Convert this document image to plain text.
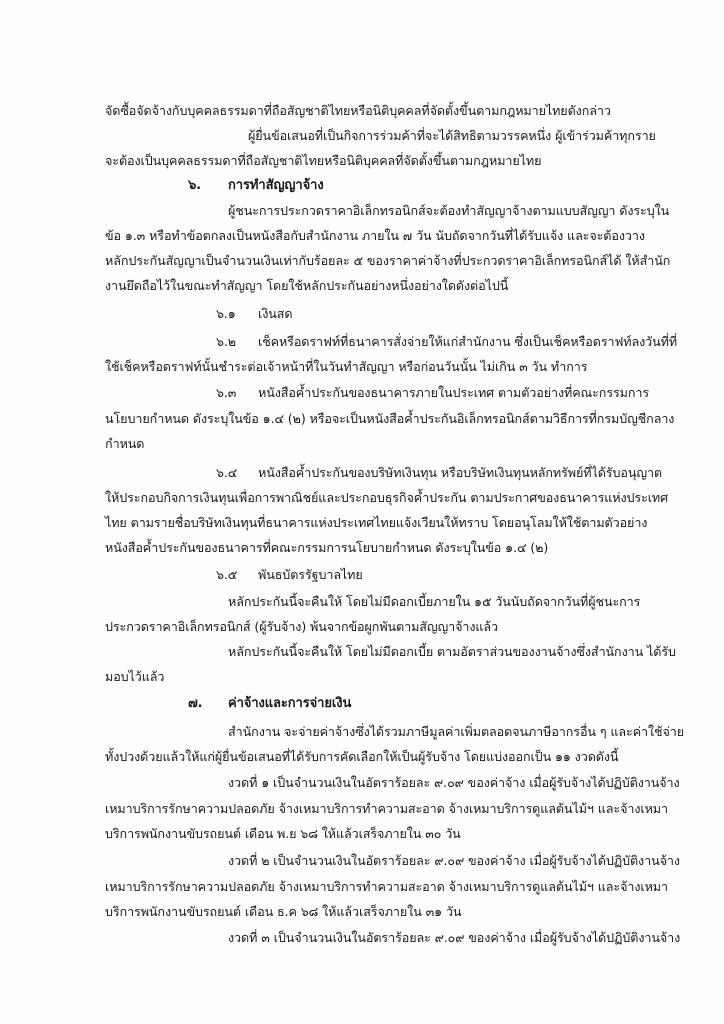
จัดซื้อจัดจ้างกับบุคคลธรรมดาที่ถือสัญชาติไทยหรือนิติบุคคลที่จัดตั้งขึ้นตามกฎหมายไทยดังกล่าว
ผู้ยื่นข้อเสนอที่เป็นกิจการร่วมค้าที่จะได้สิทธิตามวรรคหนึ่ง ผู้เข้าร่วมค้าทุกราย
จะต้องเป็นบุคคลธรรมดาที่ถือสัญชาติไทยหรือนิติบุคคลที่จัดตั้งขึ้นตามกฎหมายไทย
๖. การทำสัญญาจ้าง
ผู้ชนะการประกวดราคาอิเล็กทรอนิกส์จะต้องทำสัญญาจ้างตามแบบสัญญา ดังระบุใน
ข้อ ๑.๓ หรือทำข้อตกลงเป็นหนังสือกับสำนักงาน ภายใน ๗ วัน นับถัดจากวันที่ได้รับแจ้ง และจะต้องวาง
หลักประกันสัญญาเป็นจำนวนเงินเท่ากับร้อยละ ๕ ของราคาค่าจ้างที่ประกวดราคาอิเล็กทรอนิกส์ได้ ให้สำนัก
งานยึดถือไว้ในขณะทำสัญญา โดยใช้หลักประกันอย่างหนึ่งอย่างใดดังต่อไปนี้
๖.๑ เงินสด
๖.๒ เช็คหรือดราฟท์ที่ธนาคารสั่งจ่ายให้แก่สำนักงาน ซึ่งเป็นเช็คหรือดราฟท์ลงวันที่ที่
ใช้เช็คหรือดราฟท์นั้นชำระต่อเจ้าหน้าที่ในวันทำสัญญา หรือก่อนวันนั้น ไม่เกิน ๓ วัน ทำการ
๖.๓ หนังสือค้ำประกันของธนาคารภายในประเทศ ตามตัวอย่างที่คณะกรรมการ
นโยบายกำหนด ดังระบุในข้อ ๑.๔ (๒) หรือจะเป็นหนังสือค้ำประกันอิเล็กทรอนิกส์ตามวิธีการที่กรมบัญชีกลาง
กำหนด
๖.๔ หนังสือค้ำประกันของบริษัทเงินทุน หรือบริษัทเงินทุนหลักทรัพย์ที่ได้รับอนุญาต
ให้ประกอบกิจการเงินทุนเพื่อการพาณิชย์และประกอบธุรกิจค้ำประกัน ตามประกาศของธนาคารแห่งประเทศ
ไทย ตามรายชื่อบริษัทเงินทุนที่ธนาคารแห่งประเทศไทยแจ้งเวียนให้ทราบ โดยอนุโลมให้ใช้ตามตัวอย่าง
หนังสือค้ำประกันของธนาคารที่คณะกรรมการนโยบายกำหนด ดังระบุในข้อ ๑.๔ (๒)
๖.๕ พันธบัตรรัฐบาลไทย
หลักประกันนี้จะคืนให้ โดยไม่มีดอกเบี้ยภายใน ๑๕ วันนับถัดจากวันที่ผู้ชนะการ
ประกวดราคาอิเล็กทรอนิกส์ (ผู้รับจ้าง) พ้นจากข้อผูกพันตามสัญญาจ้างแล้ว
หลักประกันนี้จะคืนให้ โดยไม่มีดอกเบี้ย ตามอัตราส่วนของงานจ้างซึ่งสำนักงาน ได้รับ
มอบไว้แล้ว
๗. ค่าจ้างและการจ่ายเงิน
สำนักงาน จะจ่ายค่าจ้างซึ่งได้รวมภาษีมูลค่าเพิ่มตลอดจนภาษีอากรอื่น ๆ และค่าใช้จ่าย
ทั้งปวงด้วยแล้วให้แก่ผู้ยื่นข้อเสนอที่ได้รับการคัดเลือกให้เป็นผู้รับจ้าง โดยแบ่งออกเป็น ๑๑ งวดดังนี้
งวดที่ ๑ เป็นจำนวนเงินในอัตราร้อยละ ๙.๐๙ ของค่าจ้าง เมื่อผู้รับจ้างได้ปฏิบัติงานจ้าง
เหมาบริการรักษาความปลอดภัย จ้างเหมาบริการทำความสะอาด จ้างเหมาบริการดูแลต้นไม้ฯ และจ้างเหมา
บริการพนักงานขับรถยนต์ เดือน พ.ย ๖๘ ให้แล้วเสร็จภายใน ๓๐ วัน
งวดที่ ๒ เป็นจำนวนเงินในอัตราร้อยละ ๙.๐๙ ของค่าจ้าง เมื่อผู้รับจ้างได้ปฏิบัติงานจ้าง
เหมาบริการรักษาความปลอดภัย จ้างเหมาบริการทำความสะอาด จ้างเหมาบริการดูแลต้นไม้ฯ และจ้างเหมา
บริการพนักงานขับรถยนต์ เดือน ธ.ค ๖๘ ให้แล้วเสร็จภายใน ๓๑ วัน
งวดที่ ๓ เป็นจำนวนเงินในอัตราร้อยละ ๙.๐๙ ของค่าจ้าง เมื่อผู้รับจ้างได้ปฏิบัติงานจ้าง
